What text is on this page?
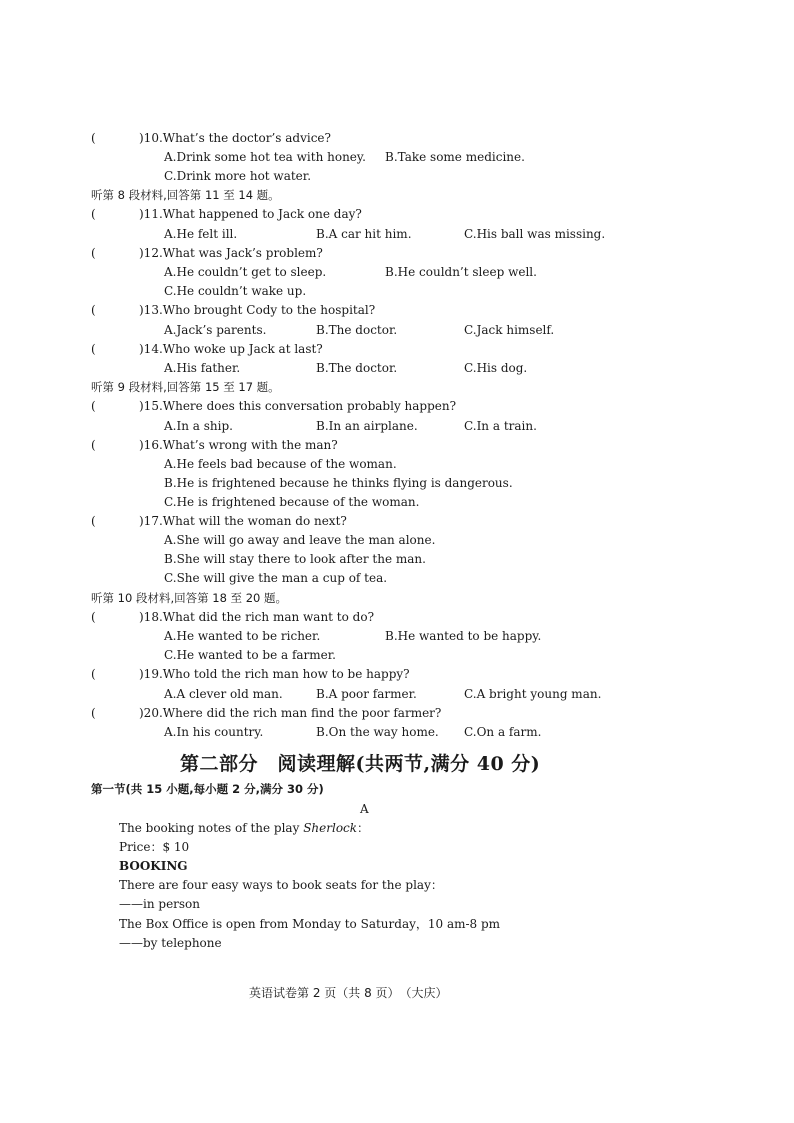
(	)10.What’s the doctor’s advice?
A.Drink some hot tea with honey. B.Take some medicine.
C.Drink more hot water.
听第 8 段材料,回答第 11 至 14 题。
(	)11.What happened to Jack one day?
A.He felt ill.	B.A car hit him.	C.His ball was missing.
(	)12.What was Jack’s problem?
A.He couldn’t get to sleep.	B.He couldn’t sleep well.
C.He couldn’t wake up.
(	)13.Who brought Cody to the hospital?
A.Jack’s parents.	B.The doctor.	C.Jack himself.
(	)14.Who woke up Jack at last?
A.His father.	B.The doctor.	C.His dog.
听第 9 段材料,回答第 15 至 17 题。
(	)15.Where does this conversation probably happen?
A.In a ship.	B.In an airplane.	C.In a train.
(	)16.What’s wrong with the man?
A.He feels bad because of the woman.
B.He is frightened because he thinks flying is dangerous.
C.He is frightened because of the woman.
(	)17.What will the woman do next?
A.She will go away and leave the man alone.
B.She will stay there to look after the man.
C.She will give the man a cup of tea.
听第 10 段材料,回答第 18 至 20 题。
(	)18.What did the rich man want to do?
A.He wanted to be richer.	B.He wanted to be happy.
C.He wanted to be a farmer.
(	)19.Who told the rich man how to be happy?
A.A clever old man.	B.A poor farmer.	C.A bright young man.
(	)20.Where did the rich man find the poor farmer?
A.In his country.	B.On the way home. C.On a farm.
第二部分　阅读理解(共两节,满分 40 分)
第一节(共 15 小题,每小题 2 分,满分 30 分)
A
The booking notes of the play Sherlock：
Price：$ 10
BOOKING
There are four easy ways to book seats for the play：
——in person
The Box Office is open from Monday to Saturday，10 am-8 pm
——by telephone
英语试卷第 2 页（共 8 页）　（大庆）
